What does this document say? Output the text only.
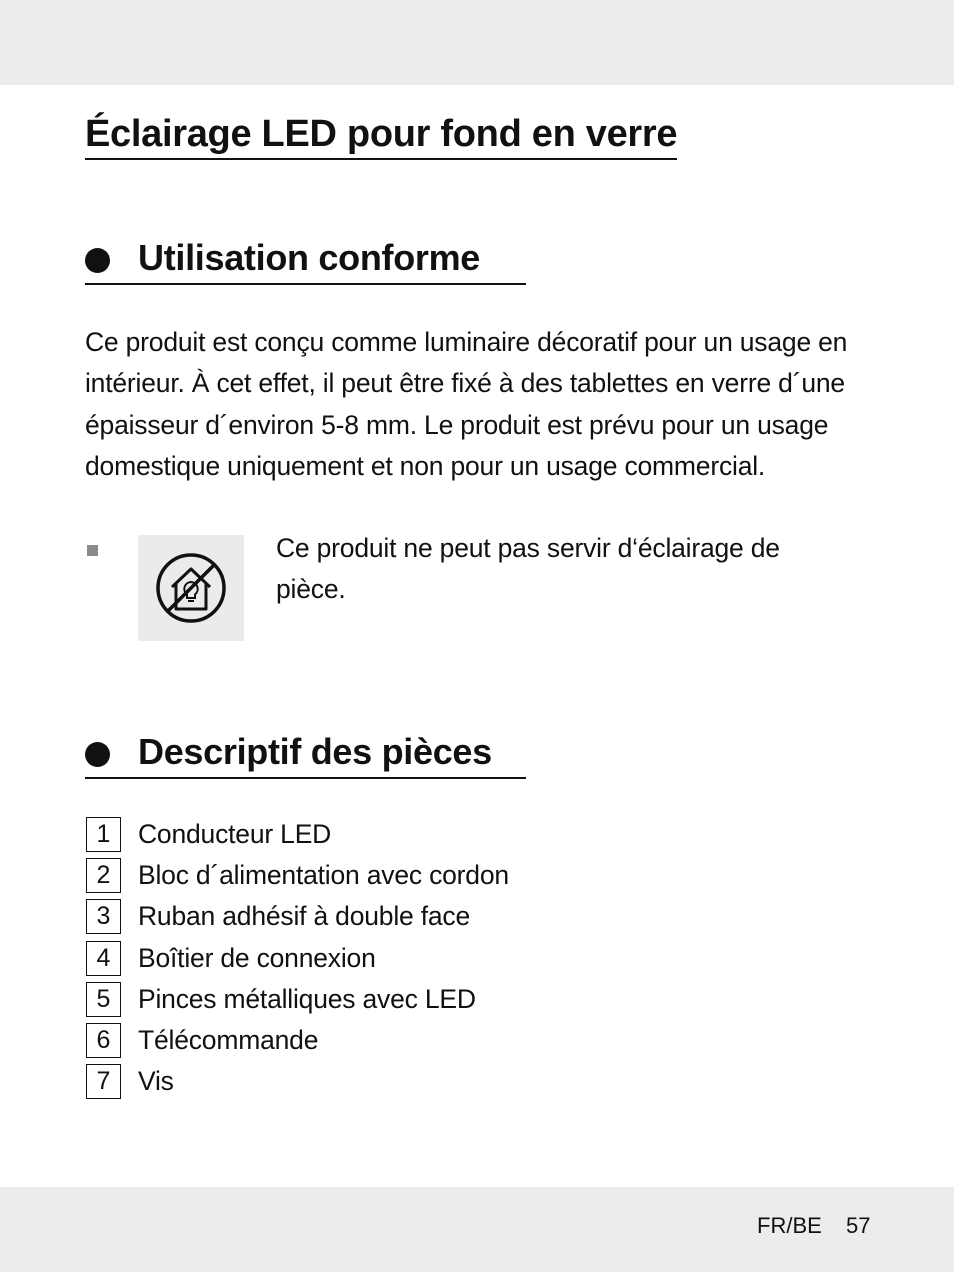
Éclairage LED pour fond en verre
Utilisation conforme

Ce produit est conçu comme luminaire décoratif pour un usage en intérieur. À cet effet, il peut être fixé à des tablettes en verre d´une épaisseur d´environ 5-8 mm. Le produit est prévu pour un usage domestique uniquement et non pour un usage commercial.

Ce produit ne peut pas servir d‘éclairage de pièce.

Descriptif des pièces
1	Conducteur LED
2	Bloc d´alimentation avec cordon
3	Ruban adhésif à double face
4	Boîtier de connexion
5	Pinces métalliques avec LED
6	Télécommande
7	Vis
FR/BE 57
